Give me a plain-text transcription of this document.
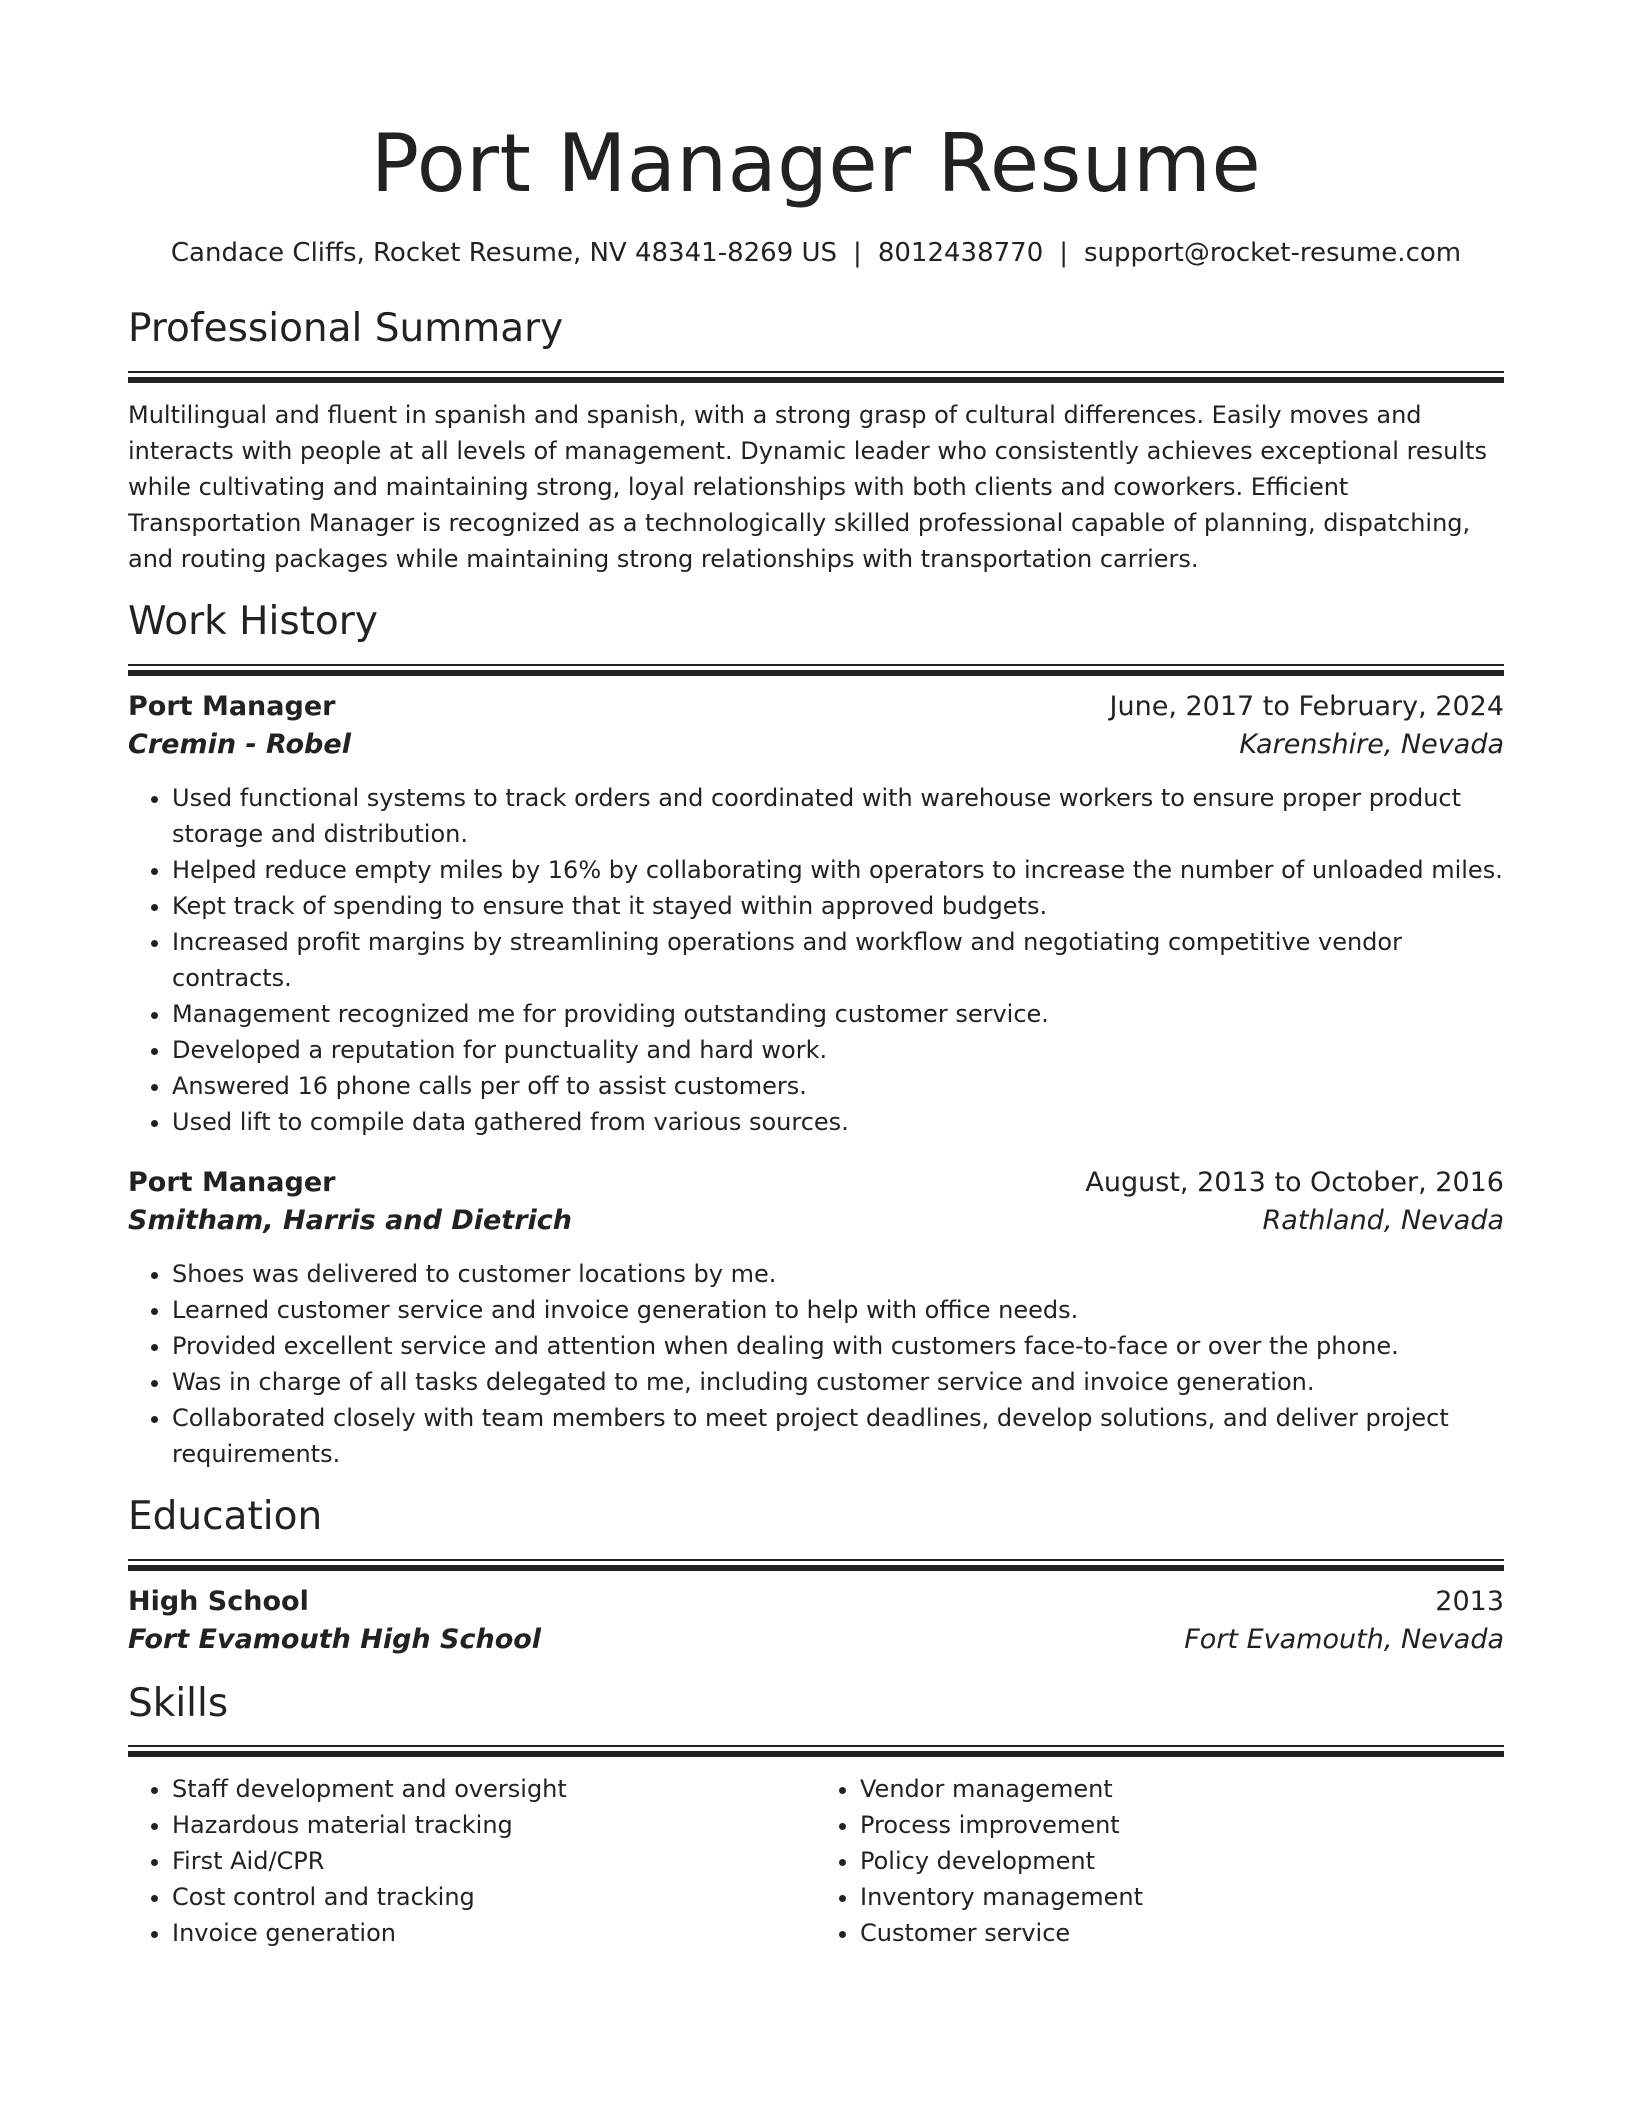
Port Manager Resume
Candace Cliffs, Rocket Resume, NV 48341-8269 US | 8012438770 | support@rocket-resume.com
Professional Summary

Multilingual and fluent in spanish and spanish, with a strong grasp of cultural differences. Easily moves and interacts with people at all levels of management. Dynamic leader who consistently achieves exceptional results while cultivating and maintaining strong, loyal relationships with both clients and coworkers. Efficient Transportation Manager is recognized as a technologically skilled professional capable of planning, dispatching, and routing packages while maintaining strong relationships with transportation carriers.

Work History
Port Manager	June, 2017 to February, 2024
Cremin - Robel	Karenshire, Nevada
• Used functional systems to track orders and coordinated with warehouse workers to ensure proper product storage and distribution.
• Helped reduce empty miles by 16% by collaborating with operators to increase the number of unloaded miles.
• Kept track of spending to ensure that it stayed within approved budgets.
• Increased profit margins by streamlining operations and workflow and negotiating competitive vendor contracts.
• Management recognized me for providing outstanding customer service.
• Developed a reputation for punctuality and hard work.
• Answered 16 phone calls per off to assist customers.
• Used lift to compile data gathered from various sources.
Port Manager	August, 2013 to October, 2016
Smitham, Harris and Dietrich	Rathland, Nevada
• Shoes was delivered to customer locations by me.
• Learned customer service and invoice generation to help with office needs.
• Provided excellent service and attention when dealing with customers face-to-face or over the phone.
• Was in charge of all tasks delegated to me, including customer service and invoice generation.
• Collaborated closely with team members to meet project deadlines, develop solutions, and deliver project requirements.
Education
High School	2013
Fort Evamouth High School	Fort Evamouth, Nevada
Skills
• Staff development and oversight
• Hazardous material tracking
• First Aid/CPR
• Cost control and tracking
• Invoice generation
• Vendor management
• Process improvement
• Policy development
• Inventory management
• Customer service
